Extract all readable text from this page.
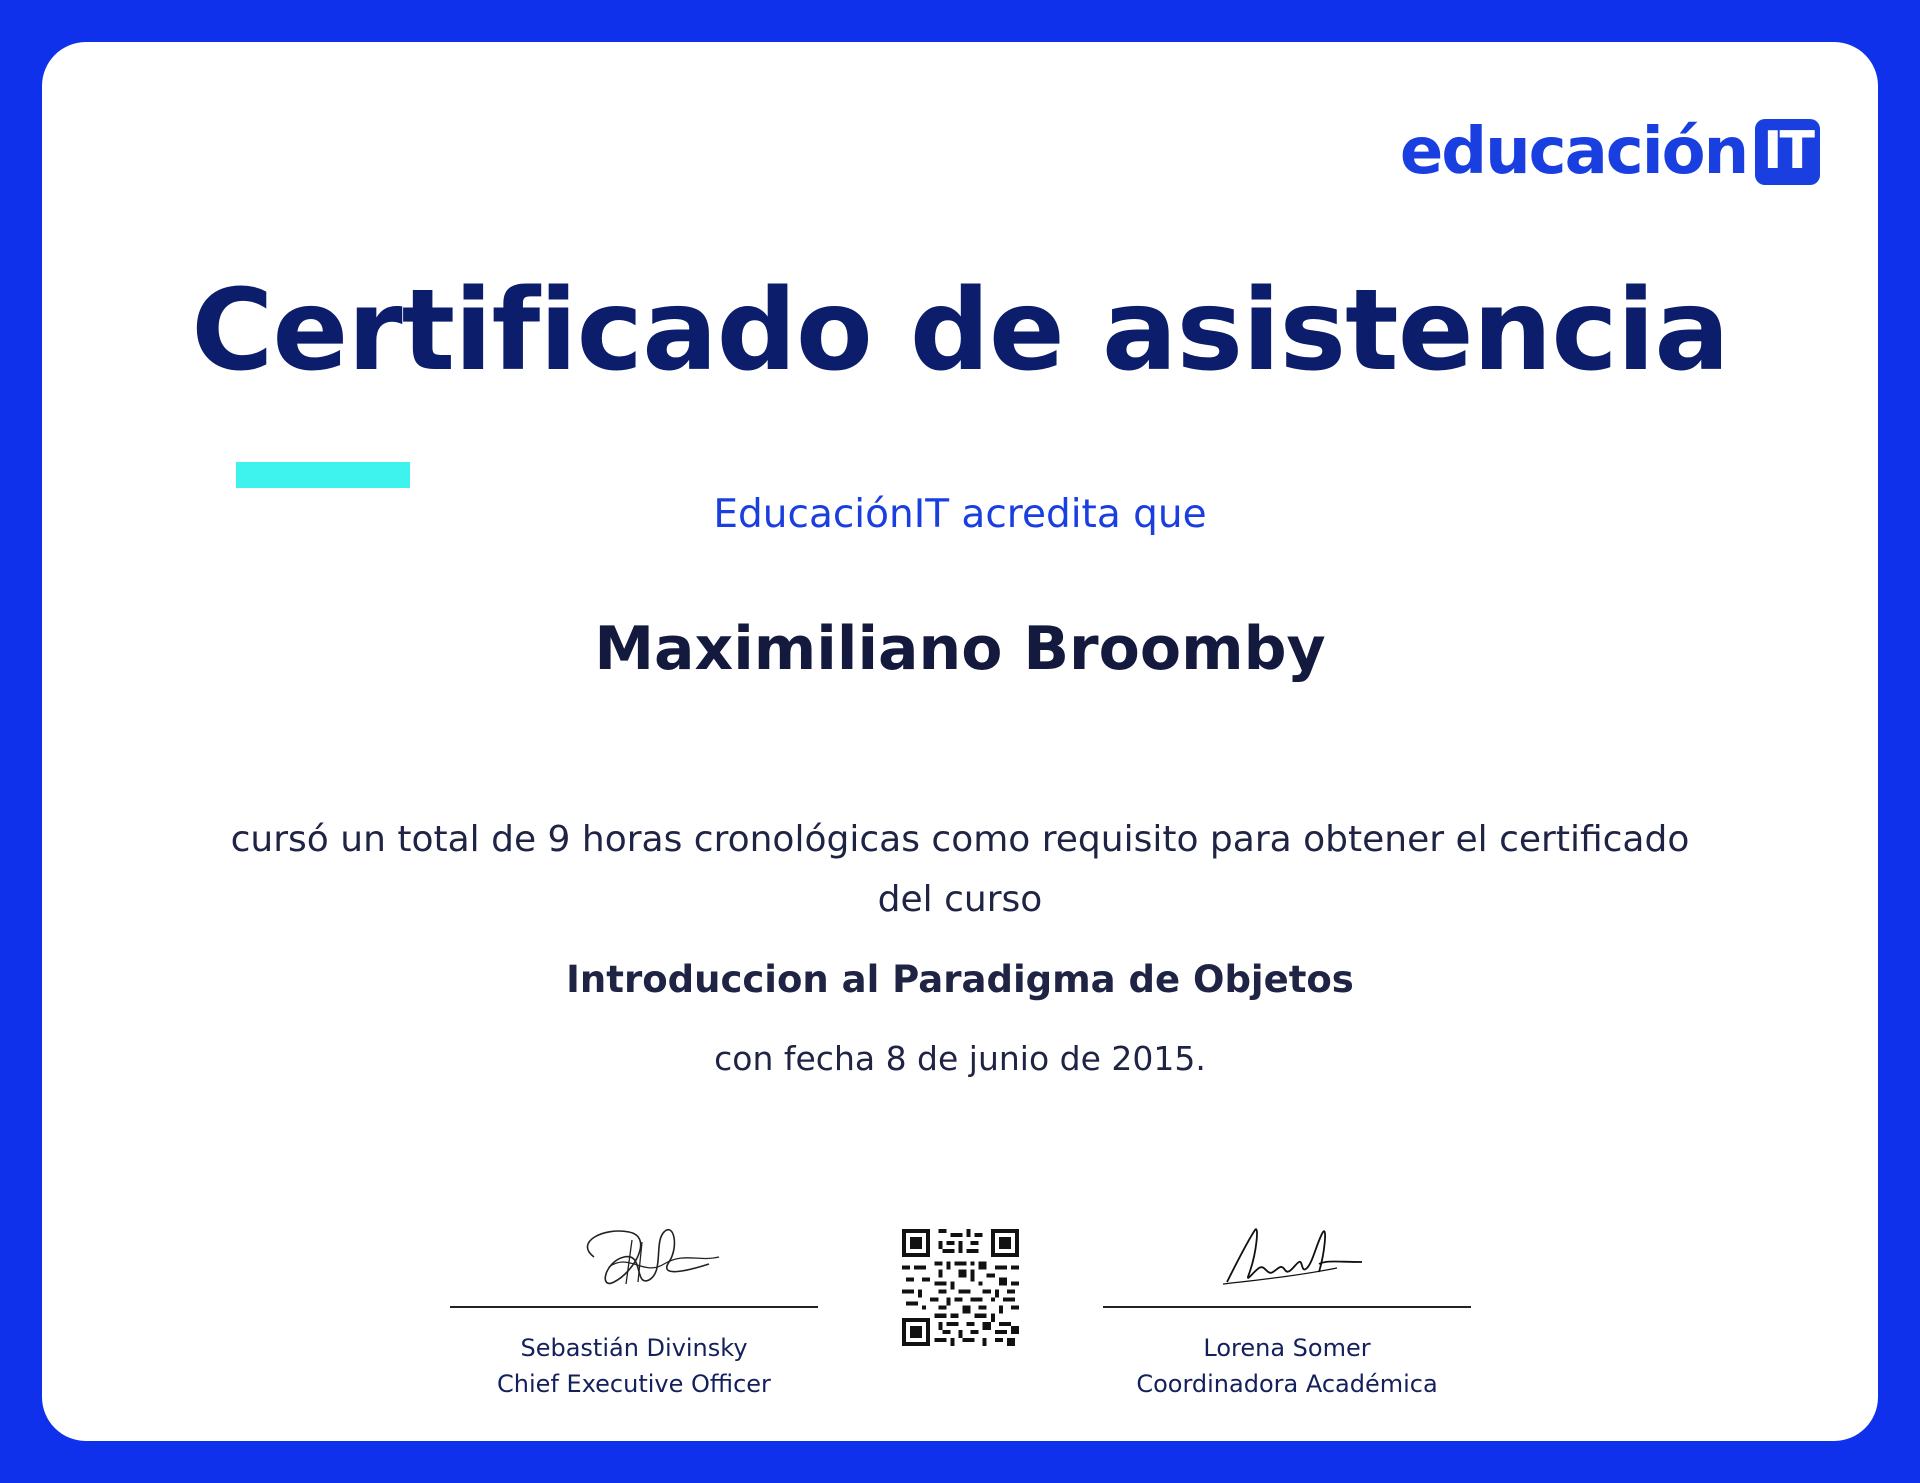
educación IT
Certificado de asistencia
EducaciónIT acredita que
Maximiliano Broomby
cursó un total de 9 horas cronológicas como requisito para obtener el certificado del curso
Introduccion al Paradigma de Objetos
con fecha 8 de junio de 2015.
Sebastián Divinsky
Chief Executive Officer
Lorena Somer
Coordinadora Académica
